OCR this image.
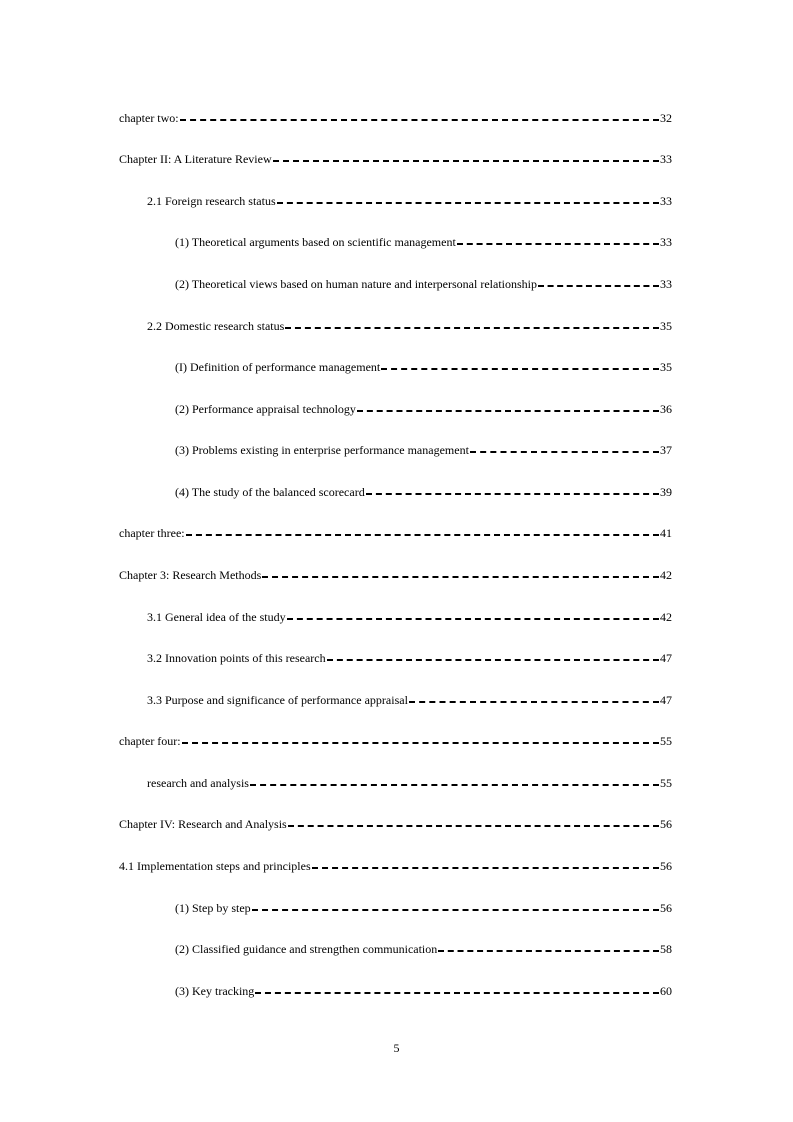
chapter two:	32
Chapter II: A Literature Review	33
2.1 Foreign research status	33
(1) Theoretical arguments based on scientific management	33
(2) Theoretical views based on human nature and interpersonal relationship	33
2.2 Domestic research status	35
(I) Definition of performance management	35
(2) Performance appraisal technology	36
(3) Problems existing in enterprise performance management	37
(4) The study of the balanced scorecard	39
chapter three:	41
Chapter 3: Research Methods	42
3.1 General idea of the study	42
3.2 Innovation points of this research	47
3.3 Purpose and significance of performance appraisal	47
chapter four:	55
research and analysis	55
Chapter IV: Research and Analysis	56
4.1 Implementation steps and principles	56
(1) Step by step	56
(2) Classified guidance and strengthen communication	58
(3) Key tracking	60
5
